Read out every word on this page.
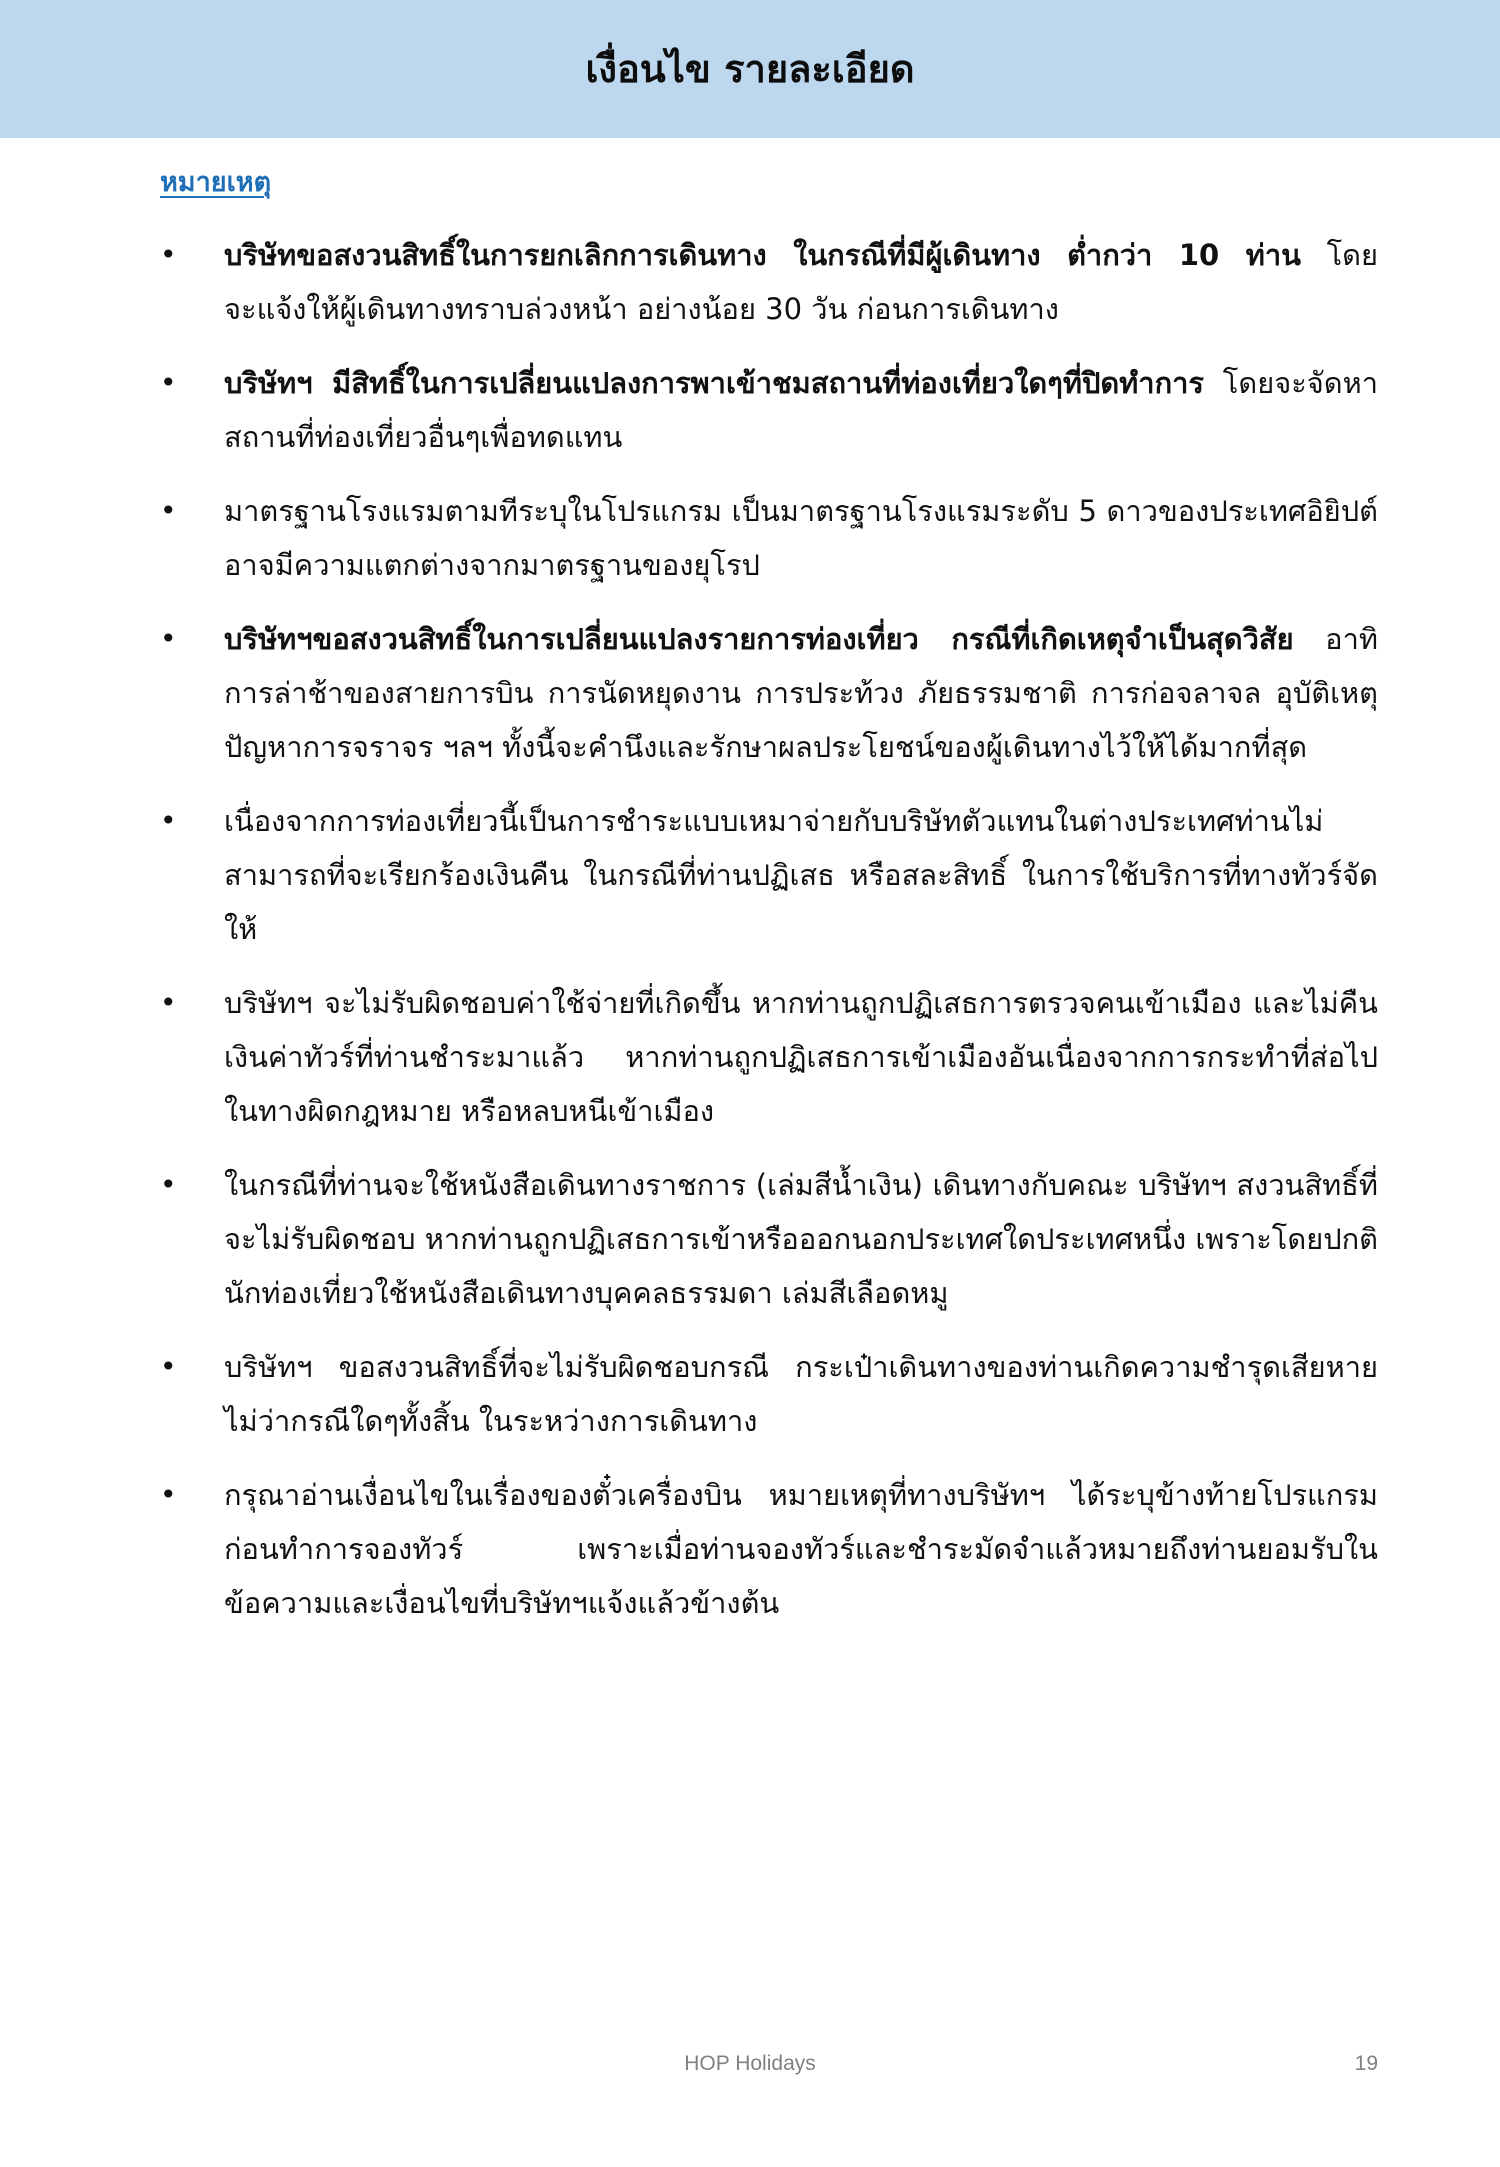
เงื่อนไข รายละเอียด
หมายเหตุ
• บริษัทขอสงวนสิทธิ์ในการยกเลิกการเดินทาง ในกรณีที่มีผู้เดินทาง ต่ำกว่า 10 ท่าน โดยจะแจ้งให้ผู้เดินทางทราบล่วงหน้า อย่างน้อย 30 วัน ก่อนการเดินทาง
• บริษัทฯ มีสิทธิ์ในการเปลี่ยนแปลงการพาเข้าชมสถานที่ท่องเที่ยวใดๆที่ปิดทำการ โดยจะจัดหาสถานที่ท่องเที่ยวอื่นๆเพื่อทดแทน
• มาตรฐานโรงแรมตามทีระบุในโปรแกรม เป็นมาตรฐานโรงแรมระดับ 5 ดาวของประเทศอิยิปต์ อาจมีความแตกต่างจากมาตรฐานของยุโรป
• บริษัทฯขอสงวนสิทธิ์ในการเปลี่ยนแปลงรายการท่องเที่ยว กรณีที่เกิดเหตุจำเป็นสุดวิสัย อาทิ การล่าช้าของสายการบิน การนัดหยุดงาน การประท้วง ภัยธรรมชาติ การก่อจลาจล อุบัติเหตุ ปัญหาการจราจร ฯลฯ ทั้งนี้จะคำนึงและรักษาผลประโยชน์ของผู้เดินทางไว้ให้ได้มากที่สุด
• เนื่องจากการท่องเที่ยวนี้เป็นการชำระแบบเหมาจ่ายกับบริษัทตัวแทนในต่างประเทศท่านไม่สามารถที่จะเรียกร้องเงินคืน ในกรณีที่ท่านปฏิเสธ หรือสละสิทธิ์ ในการใช้บริการที่ทางทัวร์จัดให้
• บริษัทฯ จะไม่รับผิดชอบค่าใช้จ่ายที่เกิดขึ้น หากท่านถูกปฏิเสธการตรวจคนเข้าเมือง และไม่คืนเงินค่าทัวร์ที่ท่านชำระมาแล้ว หากท่านถูกปฏิเสธการเข้าเมืองอันเนื่องจากการกระทำที่ส่อไปในทางผิดกฎหมาย หรือหลบหนีเข้าเมือง
• ในกรณีที่ท่านจะใช้หนังสือเดินทางราชการ (เล่มสีน้ำเงิน) เดินทางกับคณะ บริษัทฯ สงวนสิทธิ์ที่จะไม่รับผิดชอบ หากท่านถูกปฏิเสธการเข้าหรือออกนอกประเทศใดประเทศหนึ่ง เพราะโดยปกตินักท่องเที่ยวใช้หนังสือเดินทางบุคคลธรรมดา เล่มสีเลือดหมู
• บริษัทฯ ขอสงวนสิทธิ์ที่จะไม่รับผิดชอบกรณี กระเป๋าเดินทางของท่านเกิดความชำรุดเสียหาย ไม่ว่ากรณีใดๆทั้งสิ้น ในระหว่างการเดินทาง
• กรุณาอ่านเงื่อนไขในเรื่องของตั๋วเครื่องบิน หมายเหตุที่ทางบริษัทฯ ได้ระบุข้างท้ายโปรแกรม ก่อนทำการจองทัวร์ เพราะเมื่อท่านจองทัวร์และชำระมัดจำแล้วหมายถึงท่านยอมรับในข้อความและเงื่อนไขที่บริษัทฯแจ้งแล้วข้างต้น
HOP Holidays	19
